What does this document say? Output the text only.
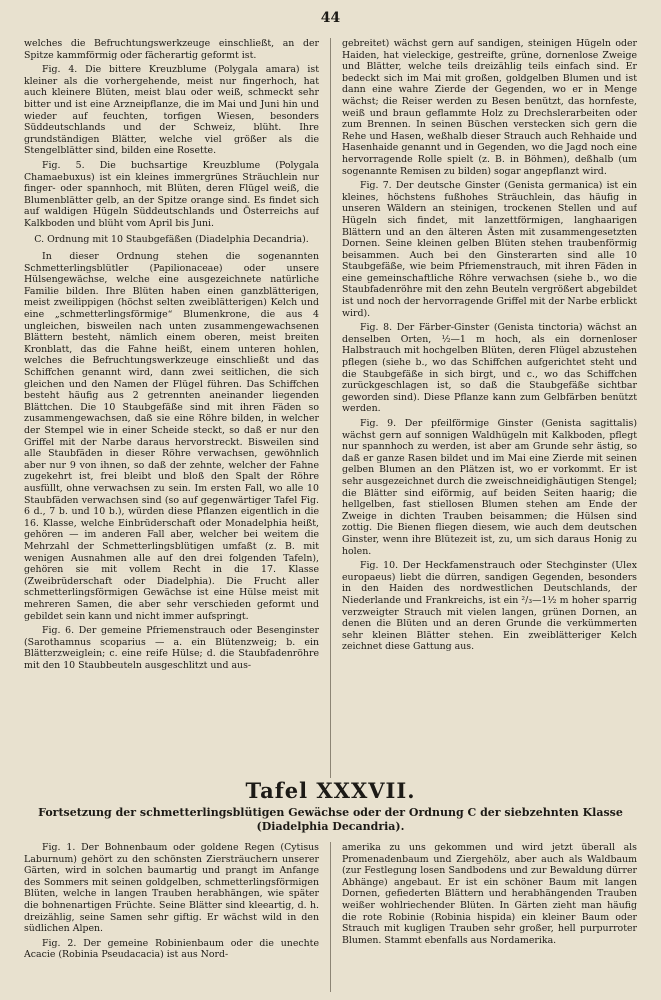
44

welches die Befruchtungswerkzeuge einschließt, an der Spitze kammförmig oder fächerartig geformt ist.

Fig. 4. Die bittere Kreuzblume (Polygala amara) ist kleiner als die vorhergehende, meist nur fingerhoch, hat auch kleinere Blüten, meist blau oder weiß, schmeckt sehr bitter und ist eine Arzneipflanze, die im Mai und Juni hin und wieder auf feuchten, torfigen Wiesen, besonders Süddeutschlands und der Schweiz, blüht. Ihre grundständigen Blätter, welche viel größer als die Stengelblätter sind, bilden eine Rosette.

Fig. 5. Die buchsartige Kreuzblume (Polygala Chamaebuxus) ist ein kleines immergrünes Sträuchlein nur finger- oder spannhoch, mit Blüten, deren Flügel weiß, die Blumenblätter gelb, an der Spitze orange sind. Es findet sich auf waldigen Hügeln Süddeutschlands und Österreichs auf Kalkboden und blüht vom April bis Juni.

C. Ordnung mit 10 Staubgefäßen (Diadelphia Decandria).

In dieser Ordnung stehen die sogenannten Schmetterlingsblütler (Papilionaceae) oder unsere Hülsengewächse, welche eine ausgezeichnete natürliche Familie bilden. Ihre Blüten haben einen ganzblätterigen, meist zweilippigen (höchst selten zweiblätterigen) Kelch und eine „schmetterlingsförmige“ Blumenkrone, die aus 4 ungleichen, bisweilen nach unten zusammengewachsenen Blättern besteht, nämlich einem oberen, meist breiten Kronblatt, das die Fahne heißt, einem unteren hohlen, welches die Befruchtungswerkzeuge einschließt und das Schiffchen genannt wird, dann zwei seitlichen, die sich gleichen und den Namen der Flügel führen. Das Schiffchen besteht häufig aus 2 getrennten aneinander liegenden Blättchen. Die 10 Staubgefäße sind mit ihren Fäden so zusammengewachsen, daß sie eine Röhre bilden, in welcher der Stempel wie in einer Scheide steckt, so daß er nur den Griffel mit der Narbe daraus hervorstreckt. Bisweilen sind alle Staubfäden in dieser Röhre verwachsen, gewöhnlich aber nur 9 von ihnen, so daß der zehnte, welcher der Fahne zugekehrt ist, frei bleibt und bloß den Spalt der Röhre ausfüllt, ohne verwachsen zu sein. Im ersten Fall, wo alle 10 Staubfäden verwachsen sind (so auf gegenwärtiger Tafel Fig. 6 d., 7 b. und 10 b.), würden diese Pflanzen eigentlich in die 16. Klasse, welche Einbrüderschaft oder Monadelphia heißt, gehören — im anderen Fall aber, welcher bei weitem die Mehrzahl der Schmetterlingsblütigen umfaßt (z. B. mit wenigen Ausnahmen alle auf den drei folgenden Tafeln), gehören sie mit vollem Recht in die 17. Klasse (Zweibrüderschaft oder Diadelphia). Die Frucht aller schmetterlingsförmigen Gewächse ist eine Hülse meist mit mehreren Samen, die aber sehr verschieden geformt und gebildet sein kann und nicht immer aufspringt.

Fig. 6. Der gemeine Pfriemenstrauch oder Besenginster (Sarothamnus scoparius — a. ein Blütenzweig; b. ein Blätterzweiglein; c. eine reife Hülse; d. die Staubfadenröhre mit den 10 Staubbeuteln ausgeschlitzt und aus-

gebreitet) wächst gern auf sandigen, steinigen Hügeln oder Haiden, hat vieleckige, gestreifte, grüne, dornenlose Zweige und Blätter, welche teils dreizählig teils einfach sind. Er bedeckt sich im Mai mit großen, goldgelben Blumen und ist dann eine wahre Zierde der Gegenden, wo er in Menge wächst; die Reiser werden zu Besen benützt, das hornfeste, weiß und braun geflammte Holz zu Drechslerarbeiten oder zum Brennen. In seinen Büschen verstecken sich gern die Rehe und Hasen, weßhalb dieser Strauch auch Rehhaide und Hasenhaide genannt und in Gegenden, wo die Jagd noch eine hervorragende Rolle spielt (z. B. in Böhmen), deßhalb (um sogenannte Remisen zu bilden) sogar angepflanzt wird.

Fig. 7. Der deutsche Ginster (Genista germanica) ist ein kleines, höchstens fußhohes Sträuchlein, das häufig in unseren Wäldern an steinigen, trockenen Stellen und auf Hügeln sich findet, mit lanzettförmigen, langhaarigen Blättern und an den älteren Ästen mit zusammengesetzten Dornen. Seine kleinen gelben Blüten stehen traubenförmig beisammen. Auch bei den Ginsterarten sind alle 10 Staubgefäße, wie beim Pfriemenstrauch, mit ihren Fäden in eine gemeinschaftliche Röhre verwachsen (siehe b., wo die Staubfadenröhre mit den zehn Beuteln vergrößert abgebildet ist und noch der hervorragende Griffel mit der Narbe erblickt wird).

Fig. 8. Der Färber-Ginster (Genista tinctoria) wächst an denselben Orten, ½—1 m hoch, als ein dornenloser Halbstrauch mit hochgelben Blüten, deren Flügel abzustehen pflegen (siehe b., wo das Schiffchen aufgerichtet steht und die Staubgefäße in sich birgt, und c., wo das Schiffchen zurückgeschlagen ist, so daß die Staubgefäße sichtbar geworden sind). Diese Pflanze kann zum Gelbfärben benützt werden.

Fig. 9. Der pfeilförmige Ginster (Genista sagittalis) wächst gern auf sonnigen Waldhügeln mit Kalkboden, pflegt nur spannhoch zu werden, ist aber am Grunde sehr ästig, so daß er ganze Rasen bildet und im Mai eine Zierde mit seinen gelben Blumen an den Plätzen ist, wo er vorkommt. Er ist sehr ausgezeichnet durch die zweischneidighäutigen Stengel; die Blätter sind eiförmig, auf beiden Seiten haarig; die hellgelben, fast stiellosen Blumen stehen am Ende der Zweige in dichten Trauben beisammen; die Hülsen sind zottig. Die Bienen fliegen diesem, wie auch dem deutschen Ginster, wenn ihre Blütezeit ist, zu, um sich daraus Honig zu holen.

Fig. 10. Der Heckfamenstrauch oder Stechginster (Ulex europaeus) liebt die dürren, sandigen Gegenden, besonders in den Haiden des nordwestlichen Deutschlands, der Niederlande und Frankreichs, ist ein ²/₃—1½ m hoher sparrig verzweigter Strauch mit vielen langen, grünen Dornen, an denen die Blüten und an deren Grunde die verkümmerten sehr kleinen Blätter stehen. Ein zweiblätteriger Kelch zeichnet diese Gattung aus.

Tafel XXXVII.
Fortsetzung der schmetterlingsblütigen Gewächse oder der Ordnung C der siebzehnten Klasse (Diadelphia Decandria).

Fig. 1. Der Bohnenbaum oder goldene Regen (Cytisus Laburnum) gehört zu den schönsten Ziersträuchern unserer Gärten, wird in solchen baumartig und prangt im Anfange des Sommers mit seinen goldgelben, schmetterlingsförmigen Blüten, welche in langen Trauben herabhängen, wie später die bohnenartigen Früchte. Seine Blätter sind kleeartig, d. h. dreizählig, seine Samen sehr giftig. Er wächst wild in den südlichen Alpen.

Fig. 2. Der gemeine Robinienbaum oder die unechte Acacie (Robinia Pseudacacia) ist aus Nord-

amerika zu uns gekommen und wird jetzt überall als Promenadenbaum und Ziergehölz, aber auch als Waldbaum (zur Festlegung losen Sandbodens und zur Bewaldung dürrer Abhänge) angebaut. Er ist ein schöner Baum mit langen Dornen, gefiederten Blättern und herabhängenden Trauben weißer wohlriechender Blüten. In Gärten zieht man häufig die rote Robinie (Robinia hispida) ein kleiner Baum oder Strauch mit kugligen Trauben sehr großer, hell purpurroter Blumen. Stammt ebenfalls aus Nordamerika.
